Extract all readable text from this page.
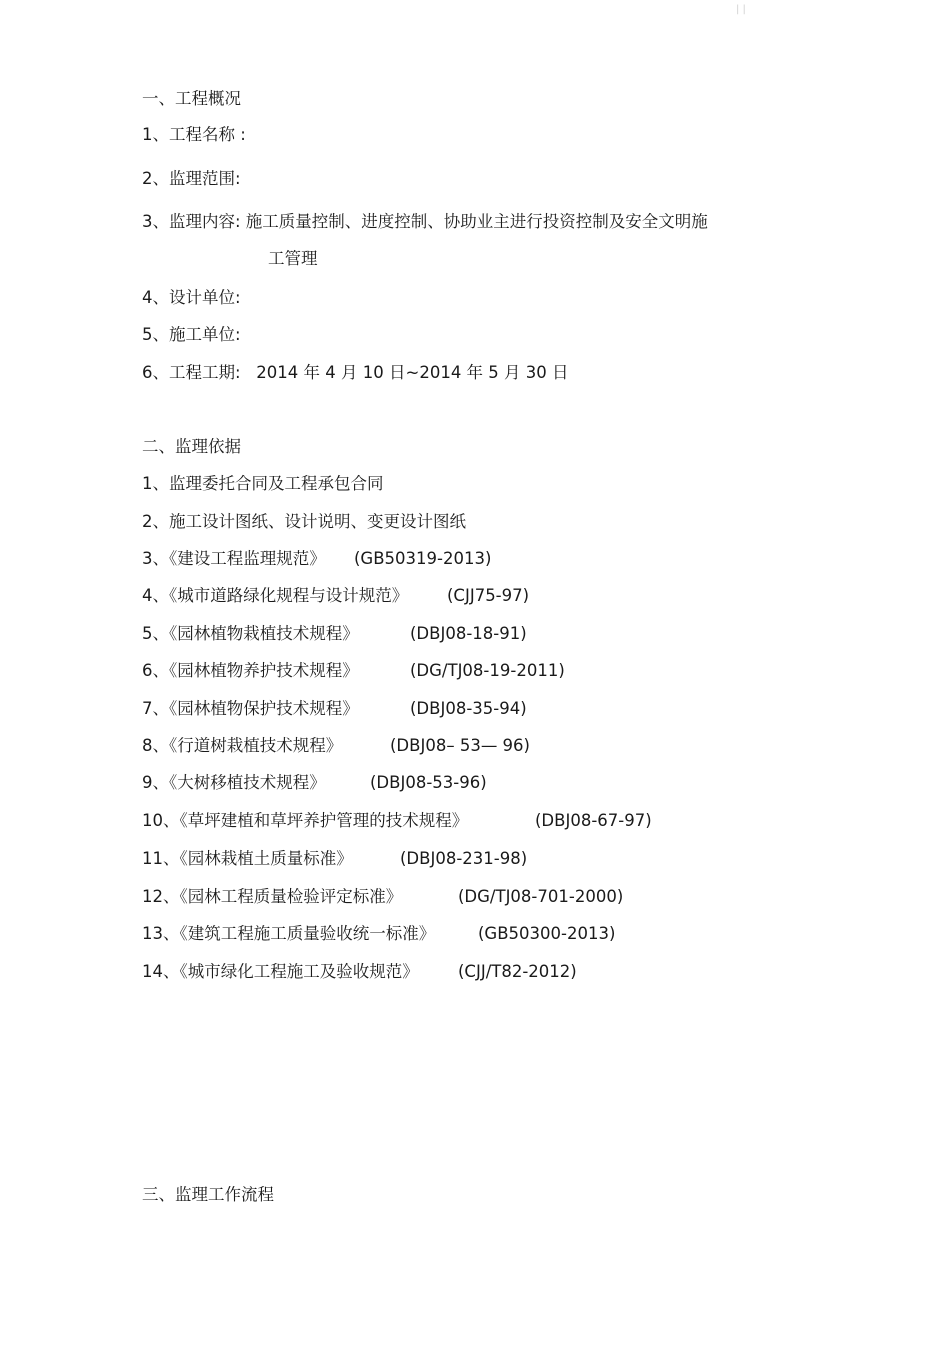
| |
一、工程概况
1、工程名称 :
2、监理范围:
3、监理内容: 施工质量控制、进度控制、协助业主进行投资控制及安全文明施
工管理
4、设计单位:
5、施工单位:
6、工程工期:   2014 年 4 月 10 日~2014 年 5 月 30 日
二、监理依据
1、监理委托合同及工程承包合同
2、施工设计图纸、设计说明、变更设计图纸
3、《建设工程监理规范》 (GB50319-2013)
4、《城市道路绿化规程与设计规范》 (CJJ75-97)
5、《园林植物栽植技术规程》	(DBJ08-18-91)
6、《园林植物养护技术规程》	(DG/TJ08-19-2011)
7、《园林植物保护技术规程》	(DBJ08-35-94)
8、《行道树栽植技术规程》	(DBJ08– 53— 96)
9、《大树移植技术规程》	(DBJ08-53-96)
10、《草坪建植和草坪养护管理的技术规程》	(DBJ08-67-97)
11、《园林栽植土质量标准》	(DBJ08-231-98)
12、《园林工程质量检验评定标准》	(DG/TJ08-701-2000)
13、《建筑工程施工质量验收统一标准》	(GB50300-2013)
14、《城市绿化工程施工及验收规范》 (CJJ/T82-2012)
三、监理工作流程
